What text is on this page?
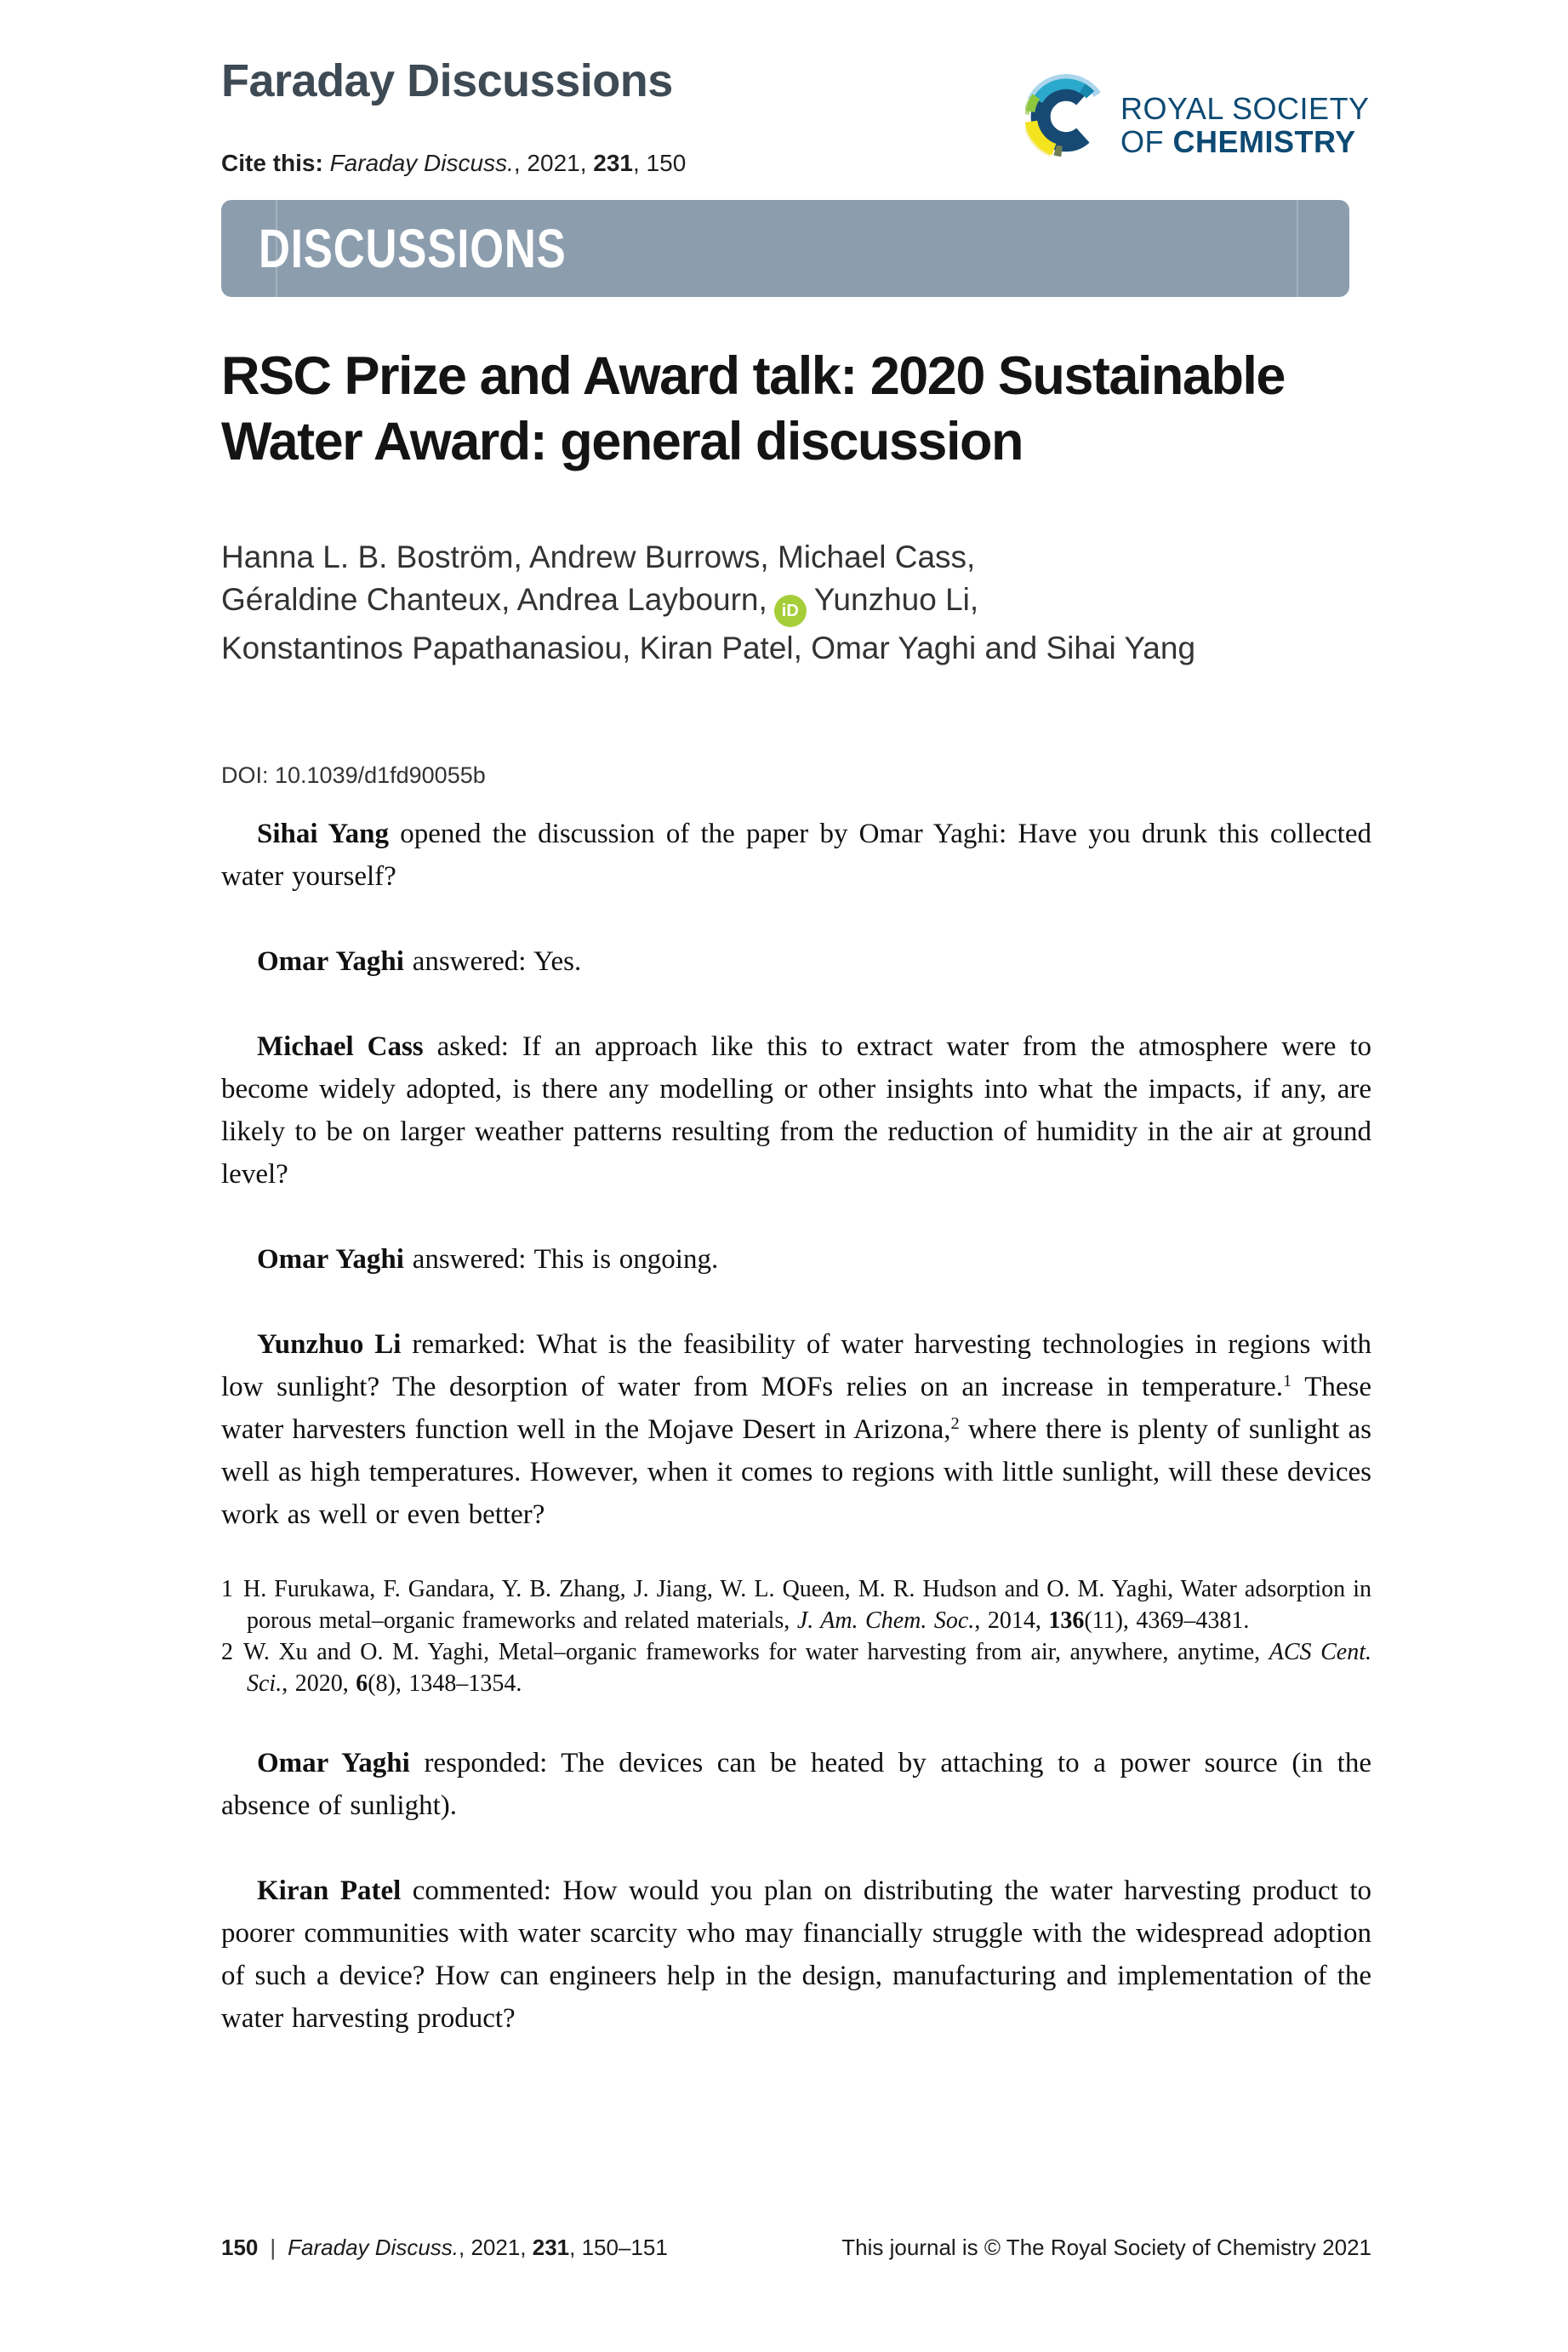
Faraday Discussions
Cite this: Faraday Discuss., 2021, 231, 150
ROYAL SOCIETY
OF CHEMISTRY
DISCUSSIONS
RSC Prize and Award talk: 2020 Sustainable
Water Award: general discussion
Hanna L. B. Boström, Andrew Burrows, Michael Cass,
Géraldine Chanteux, Andrea Laybourn, iD Yunzhuo Li,
Konstantinos Papathanasiou, Kiran Patel, Omar Yaghi and Sihai Yang
DOI: 10.1039/d1fd90055b

Sihai Yang opened the discussion of the paper by Omar Yaghi: Have you drunk this collected water yourself?

Omar Yaghi answered: Yes.

Michael Cass asked: If an approach like this to extract water from the atmosphere were to become widely adopted, is there any modelling or other insights into what the impacts, if any, are likely to be on larger weather patterns resulting from the reduction of humidity in the air at ground level?

Omar Yaghi answered: This is ongoing.

Yunzhuo Li remarked: What is the feasibility of water harvesting technologies in regions with low sunlight? The desorption of water from MOFs relies on an increase in temperature.$^1$ These water harvesters function well in the Mojave Desert in Arizona,$^2$ where there is plenty of sunlight as well as high temperatures. However, when it comes to regions with little sunlight, will these devices work as well or even better?

1 H. Furukawa, F. Gandara, Y. B. Zhang, J. Jiang, W. L. Queen, M. R. Hudson and O. M. Yaghi, Water adsorption in porous metal–organic frameworks and related materials, J. Am. Chem. Soc., 2014, 136(11), 4369–4381.
2 W. Xu and O. M. Yaghi, Metal–organic frameworks for water harvesting from air, anywhere, anytime, ACS Cent. Sci., 2020, 6(8), 1348–1354.

Omar Yaghi responded: The devices can be heated by attaching to a power source (in the absence of sunlight).

Kiran Patel commented: How would you plan on distributing the water harvesting product to poorer communities with water scarcity who may financially struggle with the widespread adoption of such a device? How can engineers help in the design, manufacturing and implementation of the water harvesting product?

150 | Faraday Discuss., 2021, 231, 150–151	This journal is © The Royal Society of Chemistry 2021
